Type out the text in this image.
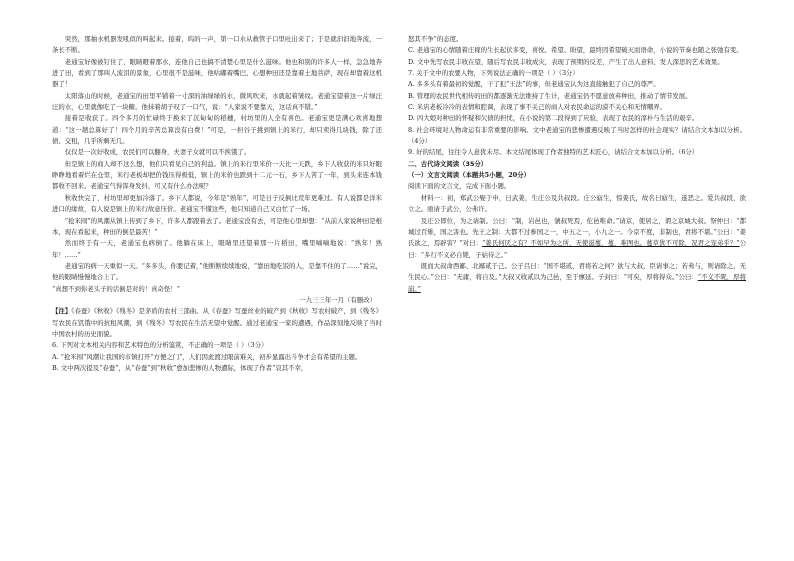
突然，那抽水机器发吼似的叫起来。接着，呜的一声，第一口水从救管子口里吐出来了；于是就汩汩地奔流，一条长不断。

老通宝好像被钉住了，眼睛瞪着那水，连他自己也搞不清楚心里是什么滋味。他也和别的许多人一样，急急地奔进了田，看到了那叫人流泪的景象，心里很不是滋味，他咕嘟着嘴巴，心想种田还是靠着土地菩萨，现在却靠着这机器了！

太阳落山的时候，老通宝的田里平铺着一寸深的油绿绿的水，微风吹来，水就起着皱纹。老通宝望着这一片绿汪汪的水，心里就像吃了一块糖。他抹着胡子叹了一口气，说：“人家说不要靠天，这话真不错。”

接着是收获了。四个多月的忙碌终于换来了沉甸甸的稻穗，村坊里的人全有喜色。老通宝更是满心欢喜地想道：“这一趟总算好了！四个月的辛苦总算没有白费！”可是，一担谷子挑到镇上的米行，却只卖得几块钱，除了还债、交租，几乎所剩无几。

仅仅是一次好收成，农民们可以翻身，夫妻子女就可以不挨饿了。

但是镇上的商人却不这么想，他们只看见自己的利益。镇上的米行里米价一天比一天跌，乡下人收获的米只好眼睁睁地看着烂在仓里，米行老板却把价钱压得极低，镇上的米价也跌到十二元一石，乡下人苦了一年，到头来连本钱都收不回来。老通宝气得浑身发抖，可又有什么办法呢？

秋收快完了，村坊里却更加冷落了。乡下人都说，今年是“熟年”，可是日子反倒比荒年更难过。有人说都是洋米进口的缘故，有人说是镇上的米行故意压价。老通宝不懂这些，他只知道自己又白忙了一场。

“抢米囤”的风潮从镇上传到了乡下，许多人都跟着去了。老通宝没有去，可是他心里却想：“从前人家说种田是根本，现在看起来，种田的倒是最苦！”

然而终于有一天，老通宝也病倒了。他躺在床上，眼睛里还望着那一片稻田，嘴里喃喃地说：“熟年！熟年！……”

老通宝的病一天重似一天。“多多头，你要记着，”他断断续续地说，“靠田地吃饭的人，是靠不住的了……”说完，他的眼睛慢慢地合上了。

“真想不到你老头子的话倒是对的！真奇怪！”

一九三三年一月（有删改）

【注】《春蚕》《秋收》《残冬》是茅盾的农村三部曲。从《春蚕》写蚕丝业的破产到《秋收》写农村破产，到《残冬》写农民在饥饿中的抗租风潮，到《残冬》写农民在生活无望中觉醒。通过老通宝一家的遭遇，作品深刻地反映了当时中国农村的历史面貌。

6. 下列对文本相关内容和艺术特色的分析鉴赏，不正确的一项是（ ）（3分）

A. “抢米囤”风潮让我国的市镇打开“方便之门”，人们因此渡过眼前难关，初步显露出斗争才会有希望的主题。

B. 文中两次提及“春蚕”，从“春蚕”到“秋收”愈加悲惨的人物遭际，体现了作者“哀其不幸，

怒其不争”的态度。

C. 老通宝的心情随着庄稼的生长起伏多变，喜悦、希望、盼望，最终因希望破灭而语命，小说的节奏也随之张弛有变。

D. 文中先写农民丰收在望，随后写农民丰收成灾，表现了预期的反差，产生了出人意料、发人深思的艺术效果。

7. 关于文中的农要人物，下列说法正确的一项是（ ）（3分）

A. 多多头有着最初的觉醒，干了犯“王法”的事，但老通宝认为这直接触犯了自己的尊严。

B. 管理的农民世代相传的田的都逐渐无法维持了生计，老通宝仍不愿意放弃种田，推动了情节发展。

C. 米店老板冷冷的表情和腔调，表现了事不关己的商人对农民命运的漠不关心和无情嘲弄。

D. 四大娘对种田的怀疑和欠债的担忧，在小说的第二段得到了应验，表现了农民的淳朴与生活的艰辛。

8. 社会环境对人物命运有非常重要的影响。文中老通宝的悲惨遭遇反映了当时怎样的社会现实？请结合文本加以分析。（4分）

9. 好的结尾，往往令人意犹未尽。本文结尾体现了作者独特的艺术匠心，请结合文本加以分析。（6分）

二、古代诗文阅读（35分）

（一）文言文阅读（本题共5小题，20分）

阅读下面的文言文，完成下面小题。

材料一：初，郑武公娶于申，曰武姜，生庄公及共叔段。庄公寤生，惊姜氏，故名曰寤生，遂恶之。爱共叔段，欲立之。亟请于武公，公弗许。

及庄公即位，为之请制。公曰：“制，岩邑也，虢叔死焉，佗邑唯命。”请京，使居之，谓之京城大叔。祭仲曰：“都城过百雉，国之害也。先王之制：大都不过参国之一，中五之一，小九之一。今京不度，非制也，君将不堪。”公曰：“姜氏欲之，焉辟害？”对曰：“姜氏何厌之有？不如早为之所，无使滋蔓，蔓，难图也。蔓草犹不可除，况君之宠弟乎？”公曰：“多行不义必自毙，子姑待之。”

既而大叔命西鄙、北鄙贰于己。公子吕曰：“国不堪贰，君将若之何？欲与大叔，臣请事之；若弗与，则请除之，无生民心。”公曰：“无庸，将自及。”大叔又收贰以为己邑，至于廪延。子封曰：“可矣，厚将得众。”公曰：“不义不昵，厚将崩。”
